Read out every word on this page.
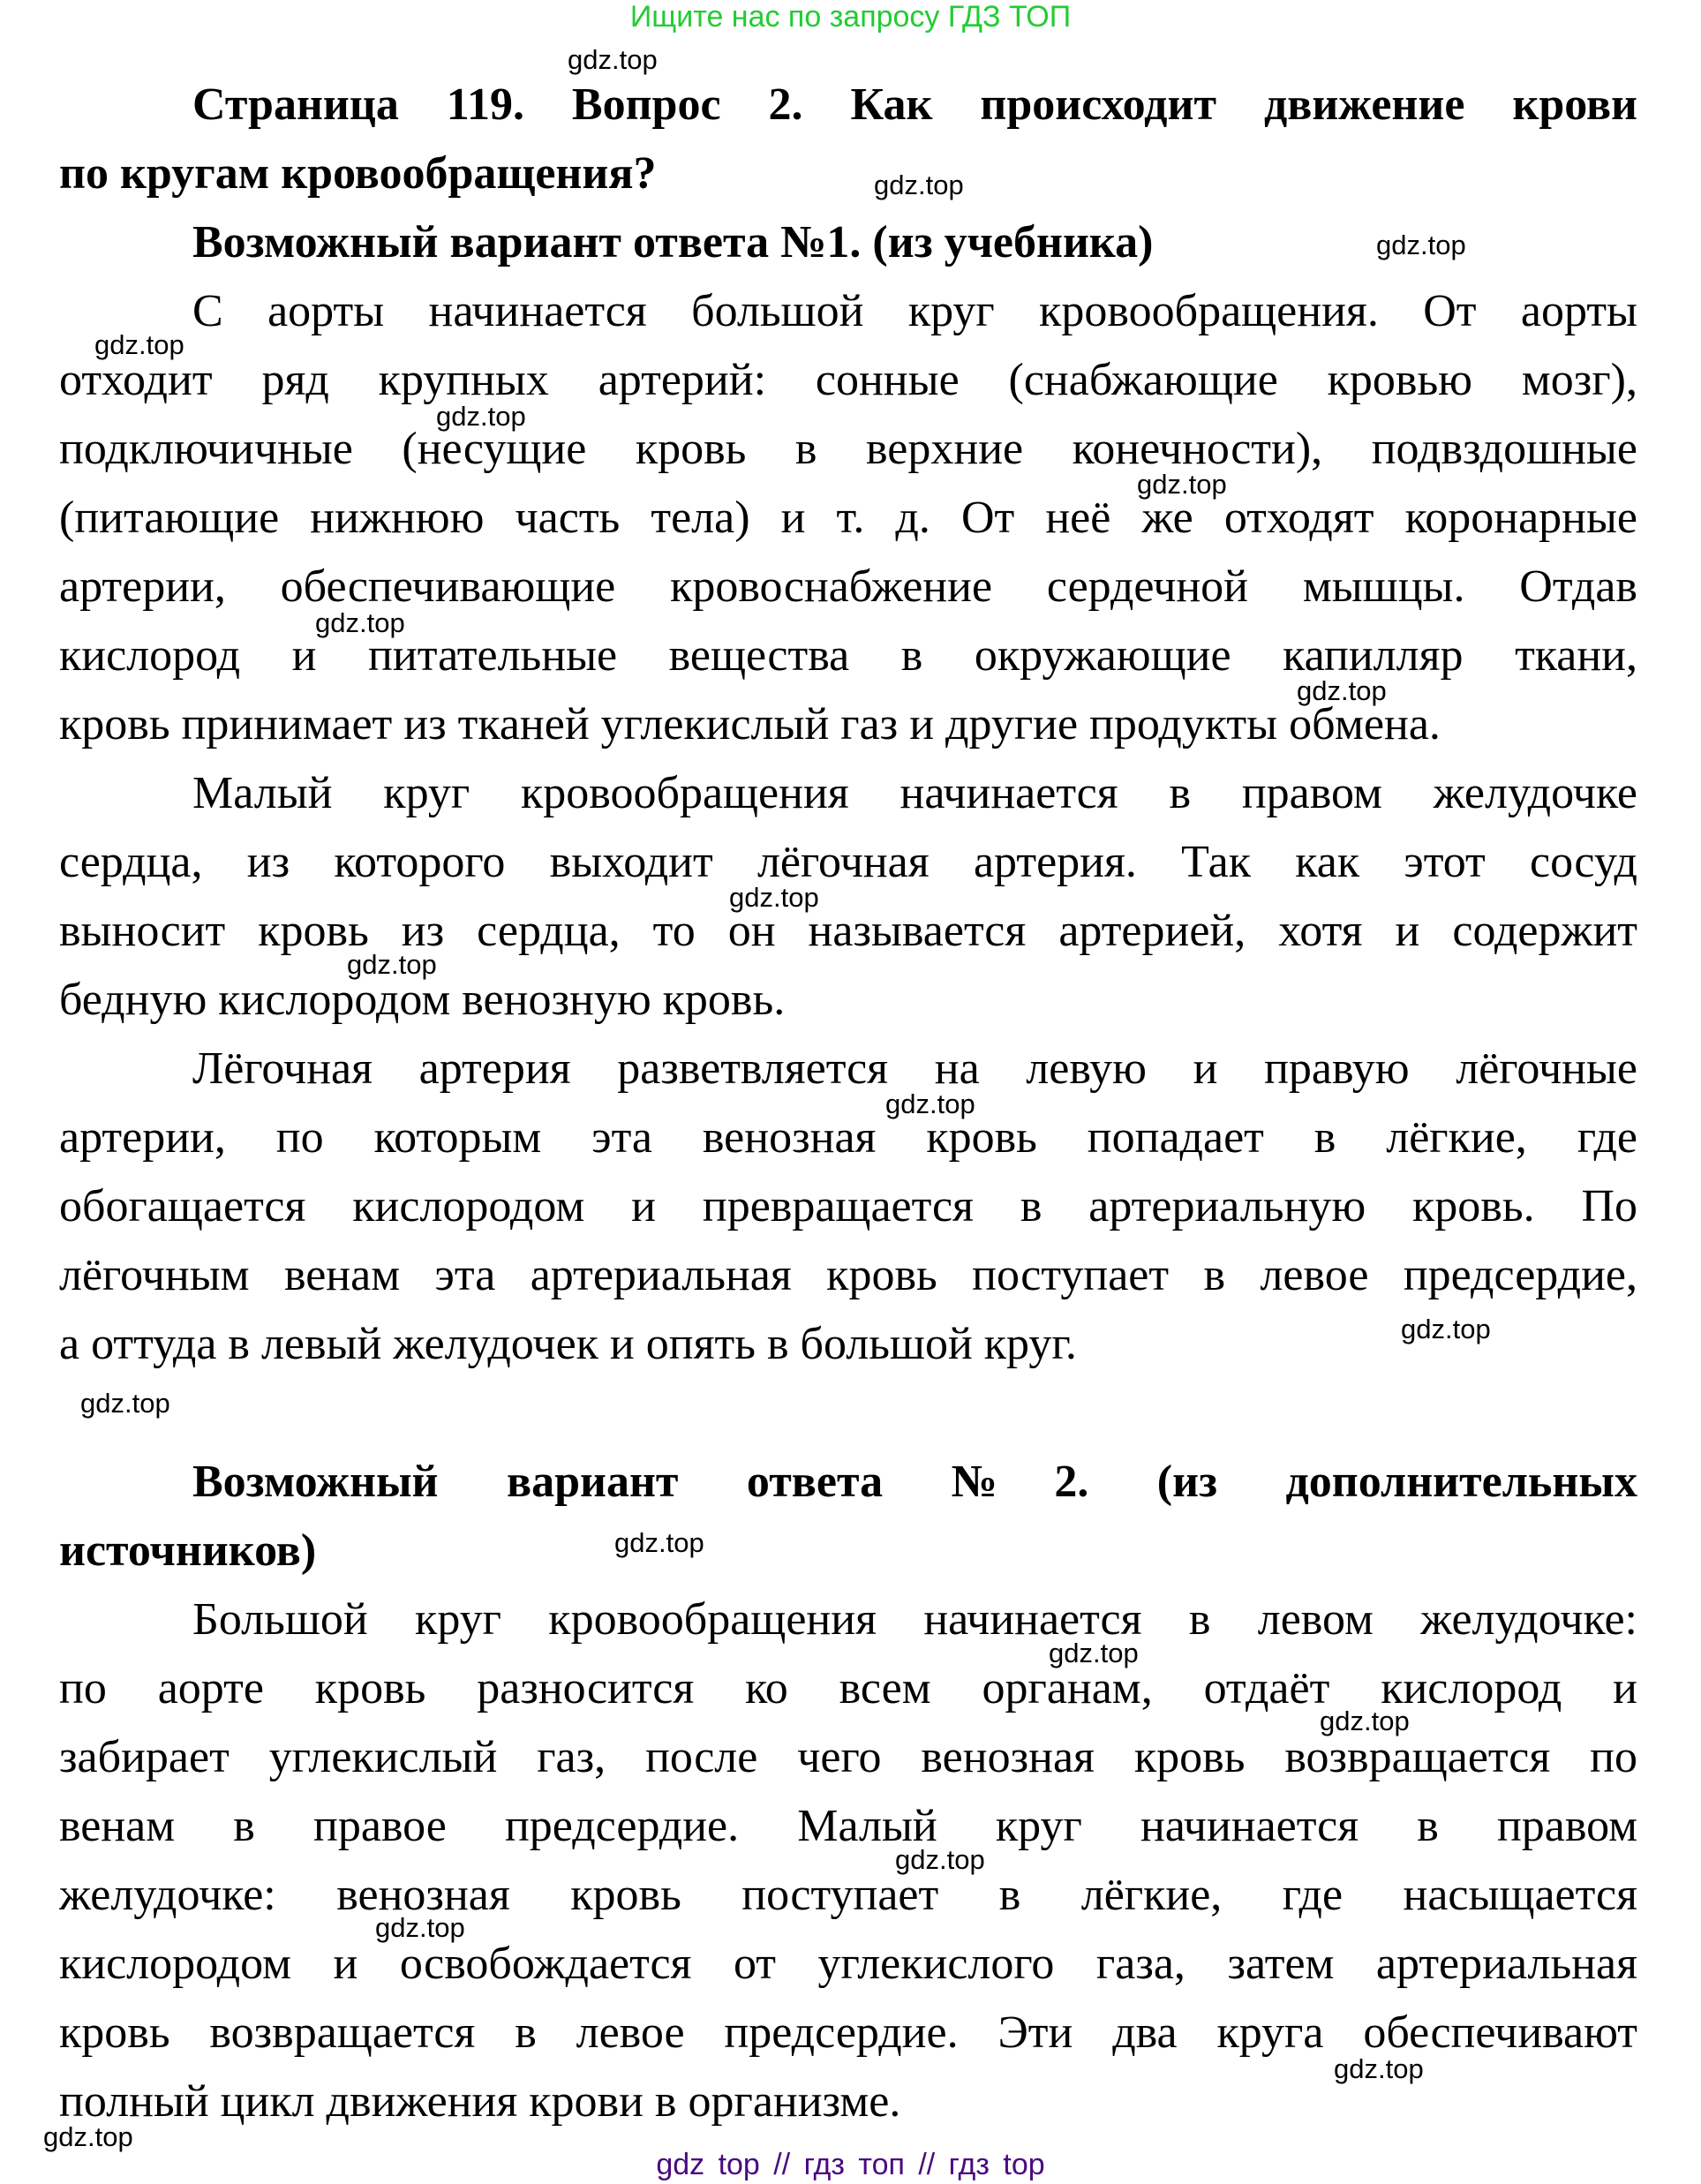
Ищите нас по запросу ГДЗ ТОП
Страница 119. Вопрос 2. Как происходит движение крови
по кругам кровообращения?
Возможный вариант ответа №1. (из учебника)
С аорты начинается большой круг кровообращения. От аорты
отходит ряд крупных артерий: сонные (снабжающие кровью мозг),
подключичные (несущие кровь в верхние конечности), подвздошные
(питающие нижнюю часть тела) и т. д. От неё же отходят коронарные
артерии, обеспечивающие кровоснабжение сердечной мышцы. Отдав
кислород и питательные вещества в окружающие капилляр ткани,
кровь принимает из тканей углекислый газ и другие продукты обмена.
Малый круг кровообращения начинается в правом желудочке
сердца, из которого выходит лёгочная артерия. Так как этот сосуд
выносит кровь из сердца, то он называется артерией, хотя и содержит
бедную кислородом венозную кровь.
Лёгочная артерия разветвляется на левую и правую лёгочные
артерии, по которым эта венозная кровь попадает в лёгкие, где
обогащается кислородом и превращается в артериальную кровь. По
лёгочным венам эта артериальная кровь поступает в левое предсердие,
а оттуда в левый желудочек и опять в большой круг.
Возможный вариант ответа №2. (из дополнительных
источников)
Большой круг кровообращения начинается в левом желудочке:
по аорте кровь разносится ко всем органам, отдаёт кислород и
забирает углекислый газ, после чего венозная кровь возвращается по
венам в правое предсердие. Малый круг начинается в правом
желудочке: венозная кровь поступает в лёгкие, где насыщается
кислородом и освобождается от углекислого газа, затем артериальная
кровь возвращается в левое предсердие. Эти два круга обеспечивают
полный цикл движения крови в организме.
gdz.top
gdz.top
gdz.top
gdz.top
gdz.top
gdz.top
gdz.top
gdz.top
gdz.top
gdz.top
gdz.top
gdz.top
gdz.top
gdz.top
gdz.top
gdz.top
gdz.top
gdz.top
gdz.top
gdz.top
gdz top // гдз топ // гдз top
